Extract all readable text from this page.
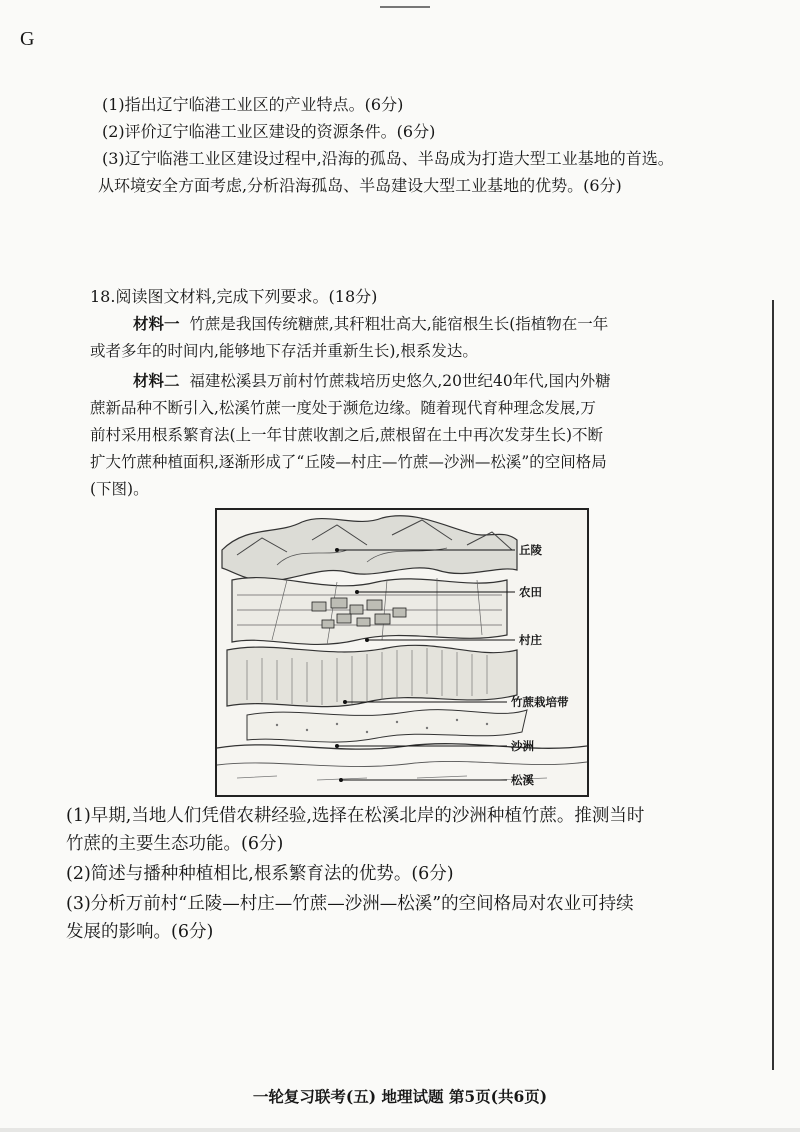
G
(1)指出辽宁临港工业区的产业特点。(6分)
(2)评价辽宁临港工业区建设的资源条件。(6分)
(3)辽宁临港工业区建设过程中,沿海的孤岛、半岛成为打造大型工业基地的首选。
从环境安全方面考虑,分析沿海孤岛、半岛建设大型工业基地的优势。(6分)
18.阅读图文材料,完成下列要求。(18分)
材料一 竹蔗是我国传统糖蔗,其秆粗壮高大,能宿根生长(指植物在一年
或者多年的时间内,能够地下存活并重新生长),根系发达。
材料二 福建松溪县万前村竹蔗栽培历史悠久,20世纪40年代,国内外糖
蔗新品种不断引入,松溪竹蔗一度处于濒危边缘。随着现代育种理念发展,万
前村采用根系繁育法(上一年甘蔗收割之后,蔗根留在土中再次发芽生长)不断
扩大竹蔗种植面积,逐渐形成了“丘陵—村庄—竹蔗—沙洲—松溪”的空间格局
(下图)。
丘陵
农田
村庄
竹蔗栽培带
沙洲
松溪
(1)早期,当地人们凭借农耕经验,选择在松溪北岸的沙洲种植竹蔗。推测当时
竹蔗的主要生态功能。(6分)
(2)简述与播种种植相比,根系繁育法的优势。(6分)
(3)分析万前村“丘陵—村庄—竹蔗—沙洲—松溪”的空间格局对农业可持续
发展的影响。(6分)
一轮复习联考(五) 地理试题 第5页(共6页)
